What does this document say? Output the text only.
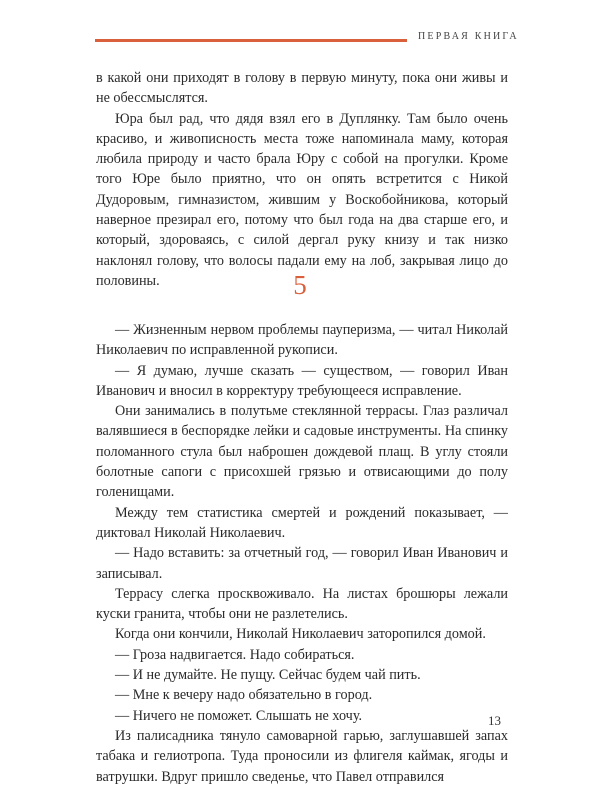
ПЕРВАЯ КНИГА

в какой они приходят в голову в первую минуту, пока они живы и не обессмыслятся.

Юра был рад, что дядя взял его в Дуплянку. Там было очень красиво, и живописность места тоже напоминала маму, которая любила природу и часто брала Юру с собой на прогулки. Кроме того Юре было приятно, что он опять встретится с Никой Дудоровым, гимназистом, жившим у Воскобойникова, который наверное презирал его, потому что был года на два старше его, и который, здороваясь, с силой дергал руку книзу и так низко наклонял голову, что волосы падали ему на лоб, закрывая лицо до половины.	5

— Жизненным нервом проблемы пауперизма, — читал Николай Николаевич по исправленной рукописи.

— Я думаю, лучше сказать — существом, — говорил Иван Иванович и вносил в корректуру требующееся исправление.

Они занимались в полутьме стеклянной террасы. Глаз различал валявшиеся в беспорядке лейки и садовые инструменты. На спинку поломанного стула был наброшен дождевой плащ. В углу стояли болотные сапоги с присохшей грязью и отвисающими до полу голенищами.

Между тем статистика смертей и рождений показывает, — диктовал Николай Николаевич.

— Надо вставить: за отчетный год, — говорил Иван Иванович и записывал.

Террасу слегка просквоживало. На листах брошюры лежали куски гранита, чтобы они не разлетелись.

Когда они кончили, Николай Николаевич заторопился домой.

— Гроза надвигается. Надо собираться.

— И не думайте. Не пущу. Сейчас будем чай пить.

— Мне к вечеру надо обязательно в город.

— Ничего не поможет. Слышать не хочу.

Из палисадника тянуло самоварной гарью, заглушавшей запах табака и гелиотропа. Туда проносили из флигеля каймак, ягоды и ватрушки. Вдруг пришло сведенье, что Павел отправился

13
